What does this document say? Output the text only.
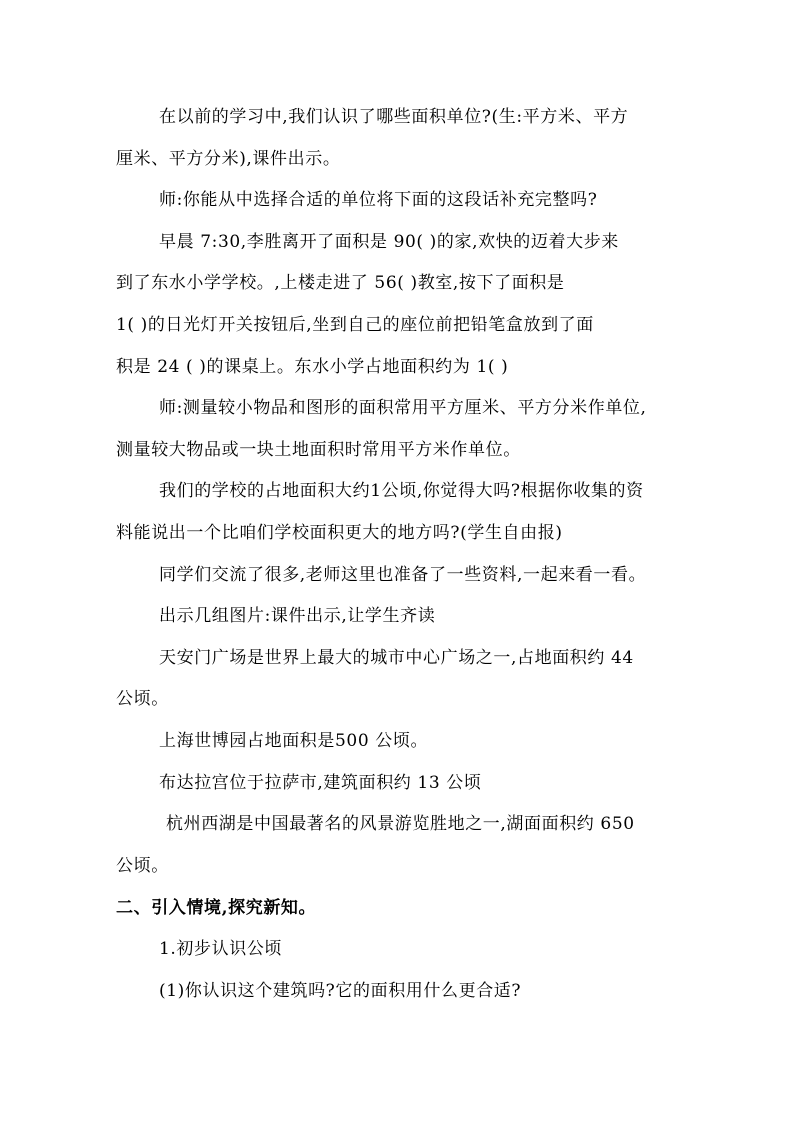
在以前的学习中,我们认识了哪些面积单位?(生:平方米、平方
厘米、平方分米),课件出示。
师:你能从中选择合适的单位将下面的这段话补充完整吗?
早晨 7:30,李胜离开了面积是 90( )的家,欢快的迈着大步来
到了东水小学学校。,上楼走进了 56( )教室,按下了面积是
1( )的日光灯开关按钮后,坐到自己的座位前把铅笔盒放到了面
积是 24 ( )的课桌上。东水小学占地面积约为 1( )
师:测量较小物品和图形的面积常用平方厘米、平方分米作单位,
测量较大物品或一块土地面积时常用平方米作单位。
我们的学校的占地面积大约1公顷,你觉得大吗?根据你收集的资
料能说出一个比咱们学校面积更大的地方吗?(学生自由报)
同学们交流了很多,老师这里也准备了一些资料,一起来看一看。
出示几组图片:课件出示,让学生齐读
天安门广场是世界上最大的城市中心广场之一,占地面积约 44
公顷。
上海世博园占地面积是500 公顷。
布达拉宫位于拉萨市,建筑面积约 13 公顷
杭州西湖是中国最著名的风景游览胜地之一,湖面面积约 650
公顷。
二、引入情境,探究新知。
1.初步认识公顷
(1)你认识这个建筑吗?它的面积用什么更合适?
